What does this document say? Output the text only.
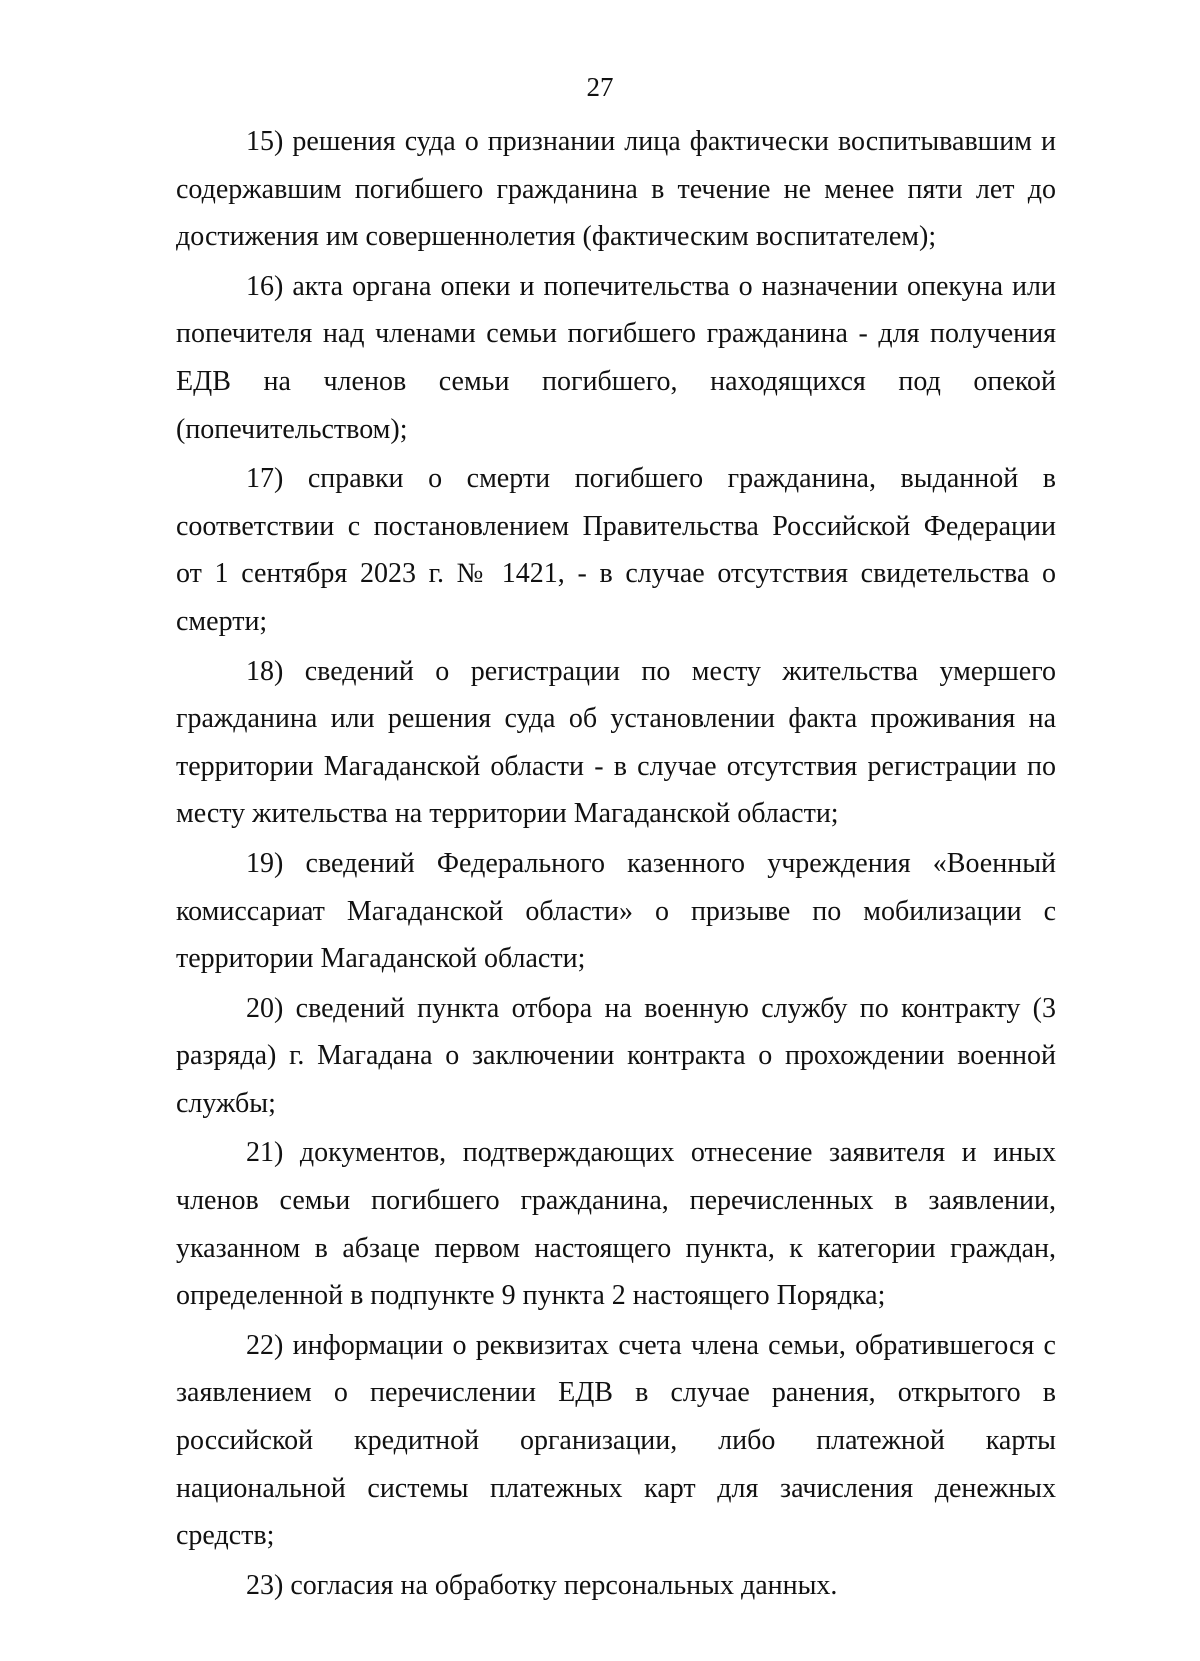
27

15) решения суда о признании лица фактически воспитывавшим и содержавшим погибшего гражданина в течение не менее пяти лет до достижения им совершеннолетия (фактическим воспитателем);

16) акта органа опеки и попечительства о назначении опекуна или попечителя над членами семьи погибшего гражданина - для получения ЕДВ на членов семьи погибшего, находящихся под опекой (попечительством);

17) справки о смерти погибшего гражданина, выданной в соответствии с постановлением Правительства Российской Федерации от 1 сентября 2023 г. № 1421, - в случае отсутствия свидетельства о смерти;

18) сведений о регистрации по месту жительства умершего гражданина или решения суда об установлении факта проживания на территории Магаданской области - в случае отсутствия регистрации по месту жительства на территории Магаданской области;

19) сведений Федерального казенного учреждения «Военный комиссариат Магаданской области» о призыве по мобилизации с территории Магаданской области;

20) сведений пункта отбора на военную службу по контракту (3 разряда) г. Магадана о заключении контракта о прохождении военной службы;

21) документов, подтверждающих отнесение заявителя и иных членов семьи погибшего гражданина, перечисленных в заявлении, указанном в абзаце первом настоящего пункта, к категории граждан, определенной в подпункте 9 пункта 2 настоящего Порядка;

22) информации о реквизитах счета члена семьи, обратившегося с заявлением о перечислении ЕДВ в случае ранения, открытого в российской кредитной организации, либо платежной карты национальной системы платежных карт для зачисления денежных средств;

23) согласия на обработку персональных данных.
